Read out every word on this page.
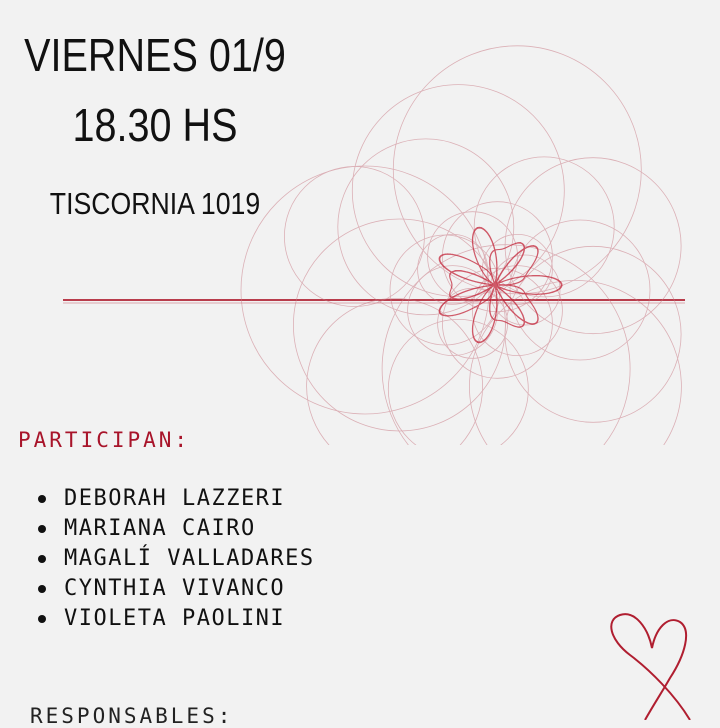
VIERNES 01/9
18.30 HS
TISCORNIA 1019
PARTICIPAN:
DEBORAH LAZZERI
MARIANA CAIRO
MAGALÍ VALLADARES
CYNTHIA VIVANCO
VIOLETA PAOLINI
RESPONSABLES:
